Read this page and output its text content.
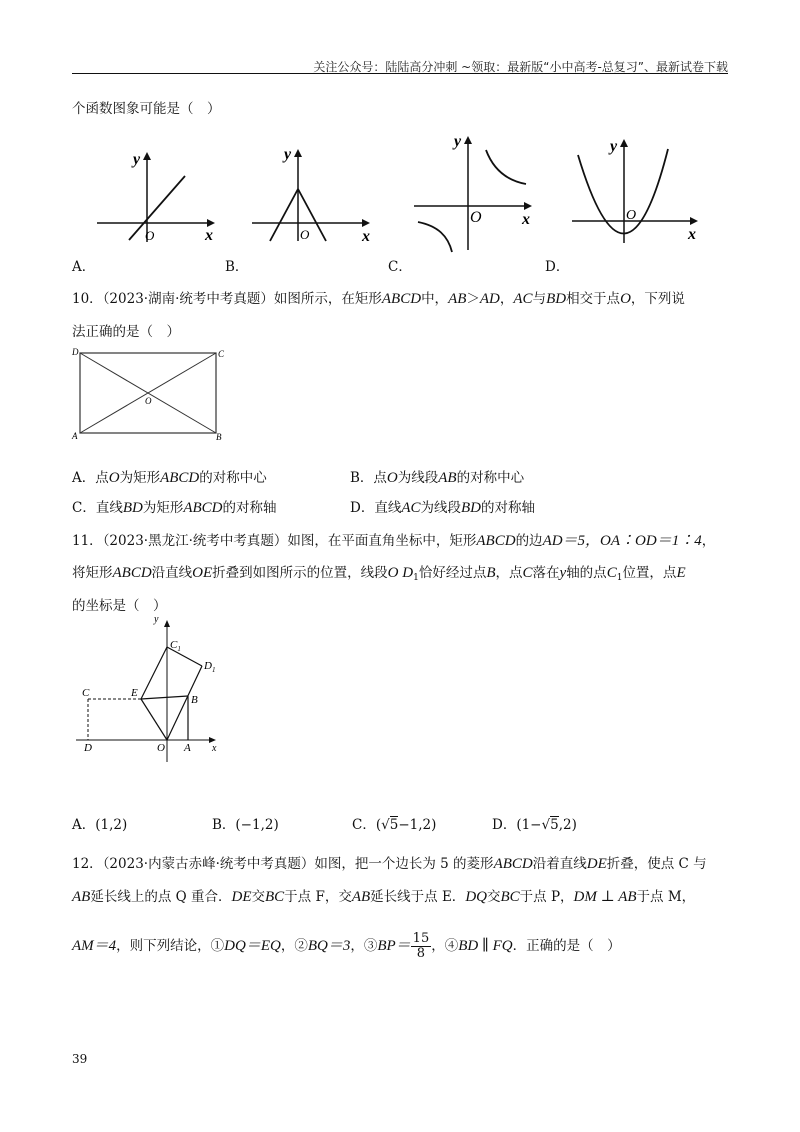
关注公众号：陆陆高分冲刺 ~领取：最新版“小中高考-总复习”、最新试卷下载
个函数图象可能是（　）
x
y
O	x
y
O
x
y
O
x
y
O
A．	B．	C．	D．
10．（2023·湖南·统考中考真题）如图所示，在矩形ABCD中，AB＞AD，AC与BD相交于点O，下列说
法正确的是（　）
D	C
A	B
O
A．点O为矩形ABCD的对称中心	B．点O为线段AB的对称中心
C．直线BD为矩形ABCD的对称轴	D．直线AC为线段BD的对称轴
11．（2023·黑龙江·统考中考真题）如图，在平面直角坐标中，矩形ABCD的边AD＝5，OA∶OD＝1∶4，
将矩形ABCD沿直线OE折叠到如图所示的位置，线段O $D_1$恰好经过点B，点C落在y轴的点$C_1$位置，点E
的坐标是（　）
y
x
$C_1$
$D_1$
C	E
B
D	O A
A．(1,2)	B．(−1,2)	C．(√5−1,2)	D．(1−√5,2)
12．（2023·内蒙古赤峰·统考中考真题）如图，把一个边长为 5 的菱形ABCD沿着直线DE折叠，使点 C 与
AB延长线上的点 Q 重合．DE交BC于点 F，交AB延长线于点 E．DQ交BC于点 P，DM ⊥ AB于点 M，
AM＝4，则下列结论，①DQ＝EQ，②BQ＝3，③BP＝ $\frac{15}{8}$ ，④BD ∥ FQ．正确的是（　）
39
